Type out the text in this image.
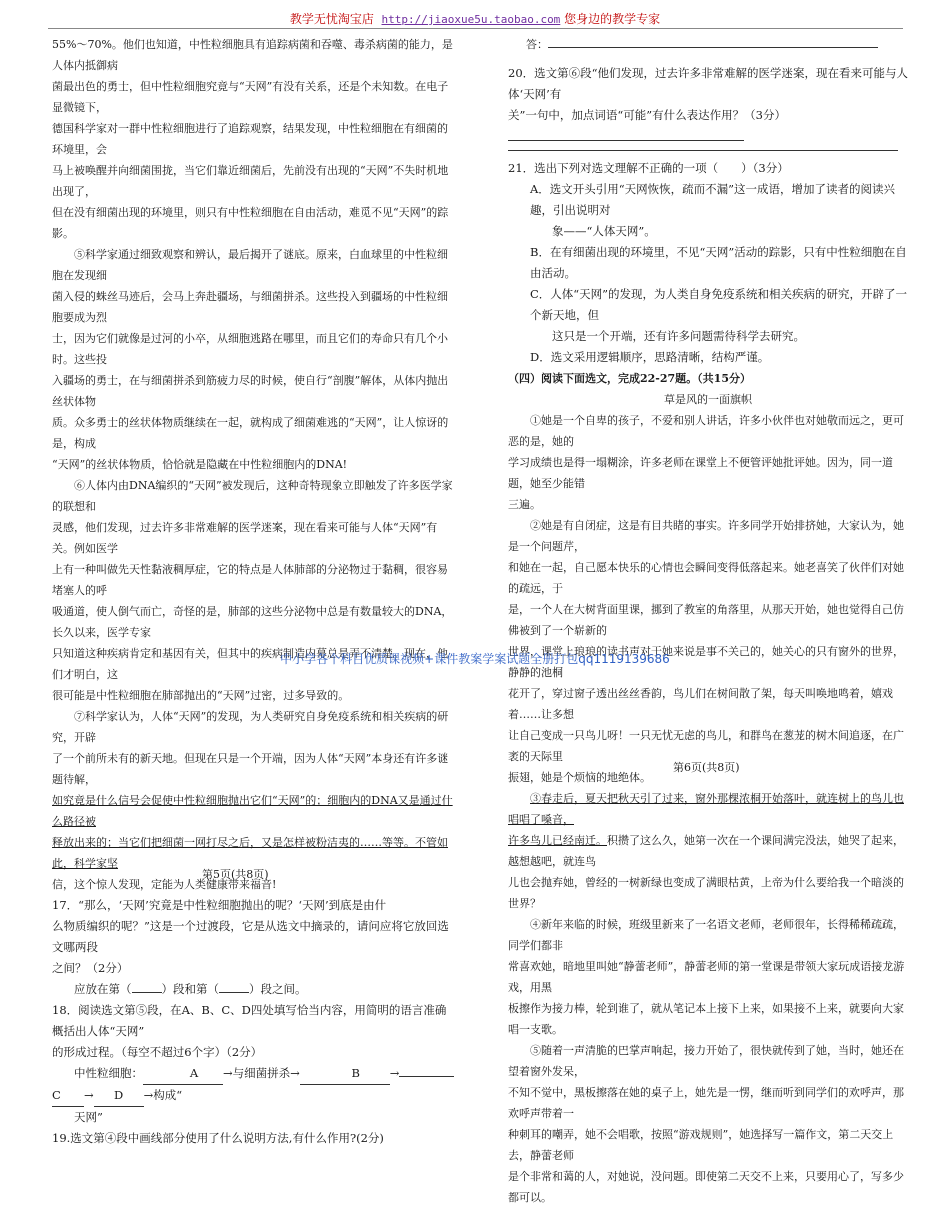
教学无忧淘宝店 http://jiaoxue5u.taobao.com 您身边的教学专家
55%～70%。他们也知道，中性粒细胞具有追踪病菌和吞噬、毒杀病菌的能力，是人体内抵御病
菌最出色的勇士，但中性粒细胞究竟与“天网”有没有关系，还是个未知数。在电子显微镜下，
德国科学家对一群中性粒细胞进行了追踪观察，结果发现，中性粒细胞在有细菌的环境里，会
马上被唤醒并向细菌围拢，当它们靠近细菌后，先前没有出现的“天网”不失时机地出现了，
但在没有细菌出现的环境里，则只有中性粒细胞在自由活动，难觅不见“天网”的踪影。
⑤科学家通过细致观察和辨认，最后揭开了谜底。原来，白血球里的中性粒细胞在发现细
菌入侵的蛛丝马迹后，会马上奔赴疆场，与细菌拼杀。这些投入到疆场的中性粒细胞要成为烈
士，因为它们就像是过河的小卒，从细胞逃路在哪里，而且它们的寿命只有几个小时。这些投
入疆场的勇士，在与细菌拼杀到筋疲力尽的时候，使自行“剖腹”解体，从体内抛出丝状体物
质。众多勇士的丝状体物质继续在一起，就构成了细菌难逃的“天网”，让人惊讶的是，构成
“天网”的丝状体物质，恰恰就是隐藏在中性粒细胞内的DNA!
⑥人体内由DNA编织的“天网”被发现后，这种奇特现象立即触发了许多医学家的联想和
灵感，他们发现，过去许多非常难解的医学迷案，现在看来可能与人体“天网”有关。例如医学
上有一种叫做先天性黏液稠厚症，它的特点是人体肺部的分泌物过于黏稠，很容易堵塞人的呼
吸通道，使人倒气而亡，奇怪的是，肺部的这些分泌物中总是有数量较大的DNA，长久以来，医学专家
只知道这种疾病肯定和基因有关，但其中的疾病制造内幕总是弄不清楚。现在，他们才明白，这
很可能是中性粒细胞在肺部抛出的“天网”过密，过多导致的。
⑦科学家认为，人体“天网”的发现，为人类研究自身免疫系统和相关疾病的研究，开辟
了一个前所未有的新天地。但现在只是一个开端，因为人体“天网”本身还有许多谜题待解，
如究竟是什么信号会促使中性粒细胞抛出它们“天网”的；细胞内的DNA又是通过什么路径被
释放出来的；当它们把细菌一网打尽之后，又是怎样被粉洁夷的……等等。不管如此，科学家坚
信，这个惊人发现，定能为人类健康带来福音!
第5页(共8页)
17．“那么，‘天网’究竟是中性粒细胞抛出的呢？‘天网’到底是由什
么物质编织的呢？”这是一个过渡段，它是从选文中摘录的，请问应将它放回选文哪两段
之间？（2分）
应放在第（	）段和第（	）段之间。
18．阅读选文第⑤段，在A、B、C、D四处填写恰当内容，用简明的语言准确概括出人体“天网”
的形成过程。（每空不超过6个字）（2分）
中性粒细胞：	A →与细菌拼杀→	B	→
C → D →构成“
天网”
19.选文第④段中画线部分使用了什么说明方法,有什么作用?(2分)
答：
20．选文第⑥段“他们发现，过去许多非常难解的医学迷案，现在看来可能与人体‘天网’有
关”一句中，加点词语“可能”有什么表达作用？（3分）
21．选出下列对选文理解不正确的一项（　　）（3分）
A．选文开头引用“天网恢恢，疏而不漏”这一成语，增加了读者的阅读兴趣，引出说明对
象——“人体天网”。
B．在有细菌出现的环境里，不见“天网”活动的踪影，只有中性粒细胞在自由活动。
C．人体“天网”的发现，为人类自身免疫系统和相关疾病的研究，开辟了一个新天地，但
这只是一个开端，还有许多问题需待科学去研究。
D．选文采用逻辑顺序，思路清晰，结构严谨。
（四）阅读下面选文，完成22-27题。（共15分）
草是风的一面旗帜
①她是一个自卑的孩子，不爱和别人讲话，许多小伙伴也对她敬而远之，更可恶的是，她的
学习成绩也是得一塌糊涂，许多老师在课堂上不便管评她批评她。因为，同一道题，她至少能错
三遍。
②她是有自闭症，这是有目共睹的事实。许多同学开始排挤她，大家认为，她是一个问题芹，
和她在一起，自己愿本快乐的心情也会瞬间变得低落起来。她老喜笑了伙伴们对她的疏远，于
是，一个人在大树背面里课，挪到了教室的角落里，从那天开始，她也觉得自己仿佛被到了一个崭新的
世界，课堂上琅琅的读书声对于她来说是事不关己的，她关心的只有窗外的世界，静静的池桐
花开了，穿过窗子透出丝丝香韵，鸟儿们在树间散了架，每天叫唤地鸣着，嬉戏着……让多想
让自己变成一只鸟儿呀！一只无忧无虑的鸟儿，和群鸟在葱茏的树木间追逐，在广袤的天际里
振翅，她是个烦恼的地绝体。
第6页(共8页)
③春走后，夏天把秋天引了过来，窗外那棵浓桐开始落叶，就连树上的鸟儿也唱唱了嗓音，
许多鸟儿已经南迁。积攒了这么久，她第一次在一个课间满完没法，她哭了起来，越想越吧，就连鸟
儿也会抛弃她，曾经的一树新绿也变成了满眼枯黄，上帝为什么要给我一个暗淡的世界？
④新年来临的时候，班级里新来了一名语文老师，老师很年，长得稀稀疏疏，同学们都非
常喜欢她，暗地里叫她“静蕾老师”，静蕾老师的第一堂课是带领大家玩成语接龙游戏，用黑
板擦作为接力棒，轮到谁了，就从笔记本上接下上来，如果接不上来，就要向大家唱一支歌。
⑤随着一声清脆的巴掌声响起，接力开始了，很快就传到了她，当时，她还在望着窗外发呆，
不知不觉中，黑板擦落在她的桌子上，她先是一愣，继而听到同学们的欢呼声，那欢呼声带着一
种刺耳的嘲弄，她不会唱歌，按照“游戏规则”，她选择写一篇作文，第二天交上去，静蕾老师
是个非常和蔼的人，对她说，没问题。即使第二天交不上来，只要用心了，写多少都可以。
中小学各个科目优质课视频+课件教案学案试题全册打包qq1119139686
